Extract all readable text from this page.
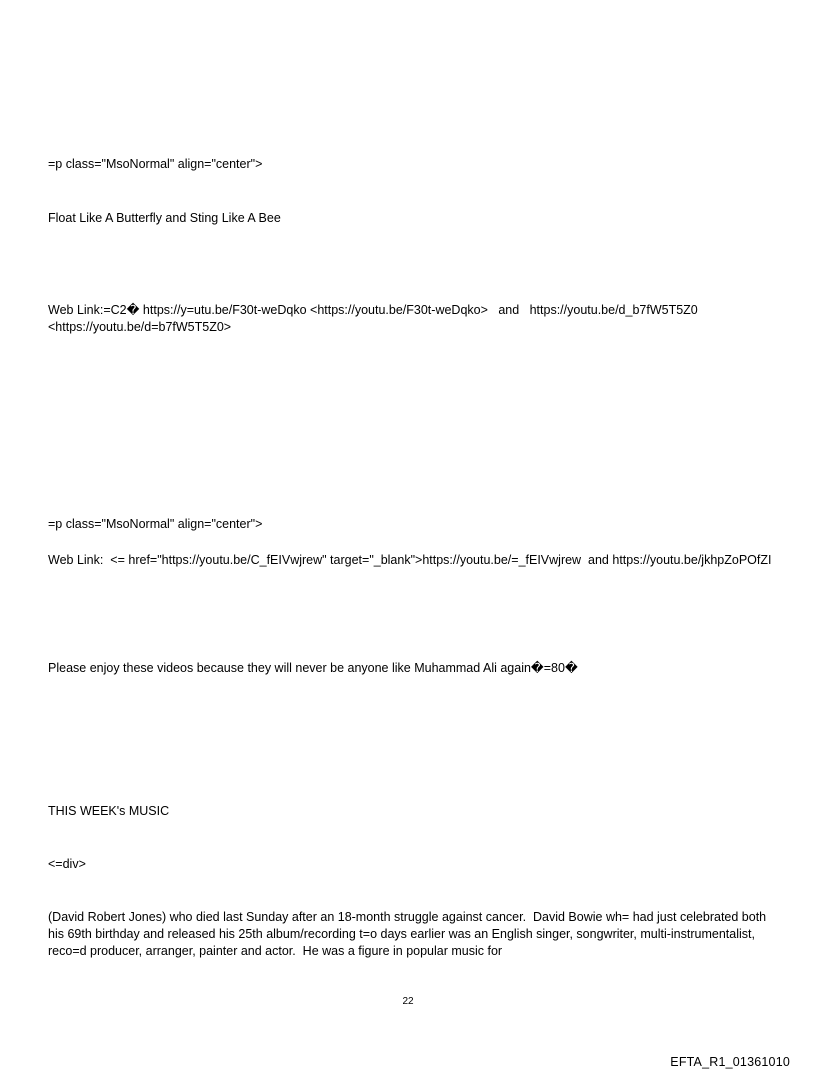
=p class="MsoNormal" align="center">
Float Like A Butterfly and Sting Like A Bee
Web Link:=C2� https://y=utu.be/F30t-weDqko <https://youtu.be/F30t-weDqko>   and   https://youtu.be/d_b7fW5T5Z0 <https://youtu.be/d=b7fW5T5Z0>
=p class="MsoNormal" align="center">
Web Link:  <= href="https://youtu.be/C_fEIVwjrew" target="_blank">https://youtu.be/=_fEIVwjrew  and https://youtu.be/jkhpZoPOfZI
Please enjoy these videos because they will never be anyone like Muhammad Ali again�=80�
THIS WEEK's MUSIC
<=div>
(David Robert Jones) who died last Sunday after an 18-month struggle against cancer.  David Bowie wh= had just celebrated both his 69th birthday and released his 25th album/recording t=o days earlier was an English singer, songwriter, multi-instrumentalist, reco=d producer, arranger, painter and actor.  He was a figure in popular music for
22
EFTA_R1_01361010
